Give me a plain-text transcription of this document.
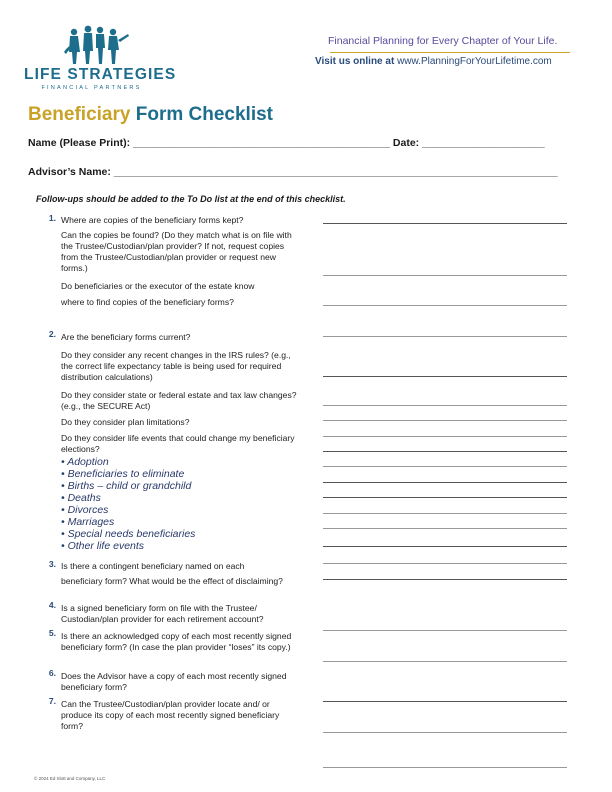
LIFE STRATEGIES
FINANCIAL PARTNERS
Financial Planning for Every Chapter of Your Life.
Visit us online at www.PlanningForYourLifetime.com
Beneficiary Form Checklist
Name (Please Print): ____________________________________________ Date: _____________________
Advisor’s Name: ____________________________________________________________________________
Follow-ups should be added to the To Do list at the end of this checklist.
1. Where are copies of the beneficiary forms kept?
Can the copies be found? (Do they match what is on file with the Trustee/Custodian/plan provider? If not, request copies from the Trustee/Custodian/plan provider or request new forms.)
Do beneficiaries or the executor of the estate know
where to find copies of the beneficiary forms?
2. Are the beneficiary forms current?
Do they consider any recent changes in the IRS rules? (e.g., the correct life expectancy table is being used for required distribution calculations)
Do they consider state or federal estate and tax law changes? (e.g., the SECURE Act)
Do they consider plan limitations?
Do they consider life events that could change my beneficiary elections?
• Adoption
• Beneficiaries to eliminate
• Births – child or grandchild
• Deaths
• Divorces
• Marriages
• Special needs beneficiaries
• Other life events
3. Is there a contingent beneficiary named on each
beneficiary form? What would be the effect of disclaiming?
4. Is a signed beneficiary form on file with the Trustee/ Custodian/plan provider for each retirement account?
5. Is there an acknowledged copy of each most recently signed beneficiary form? (In case the plan provider “loses” its copy.)
6. Does the Advisor have a copy of each most recently signed beneficiary form?
7. Can the Trustee/Custodian/plan provider locate and/ or produce its copy of each most recently signed beneficiary form?
© 2024 Ed Slott and Company, LLC
